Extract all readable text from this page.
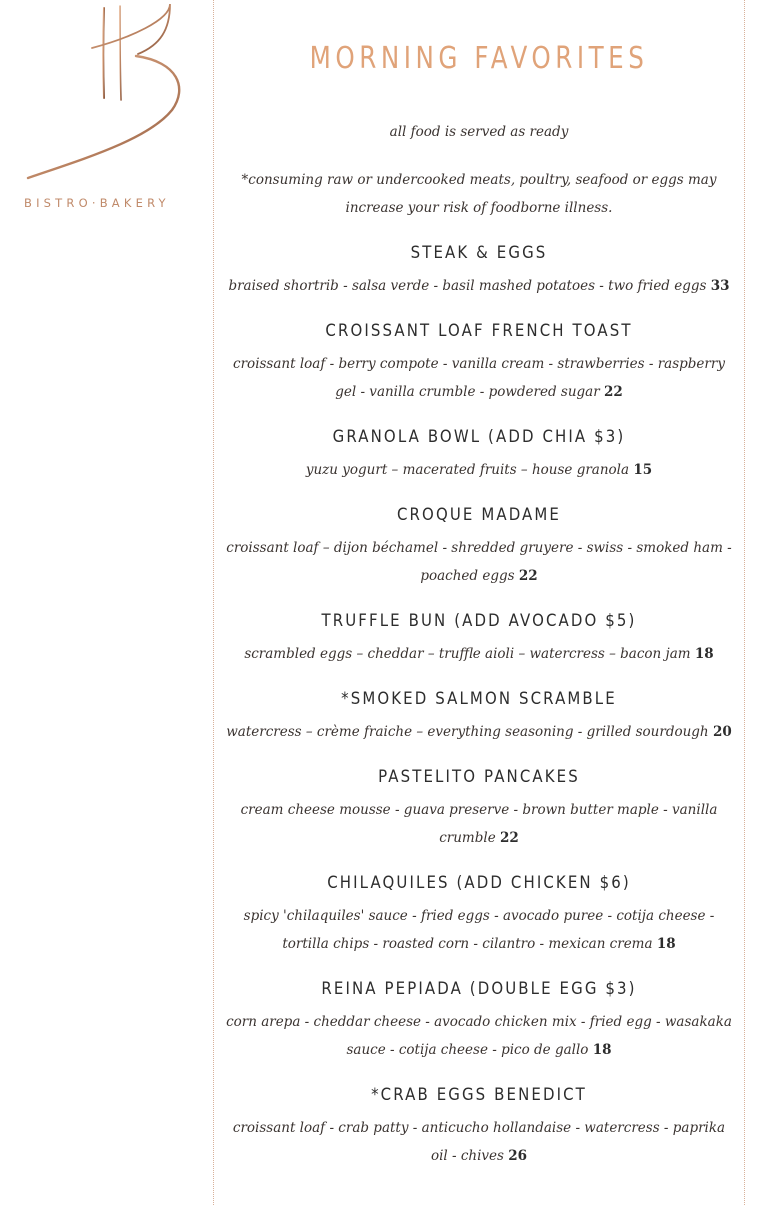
BISTRO·BAKERY
MORNING FAVORITES
all food is served as ready
*consuming raw or undercooked meats, poultry, seafood or eggs may increase your risk of foodborne illness.
STEAK & EGGS
braised shortrib - salsa verde - basil mashed potatoes - two fried eggs 33
CROISSANT LOAF FRENCH TOAST
croissant loaf - berry compote - vanilla cream - strawberries - raspberry gel - vanilla crumble - powdered sugar 22
GRANOLA BOWL (ADD CHIA $3)
yuzu yogurt – macerated fruits – house granola 15
CROQUE MADAME
croissant loaf – dijon béchamel - shredded gruyere - swiss - smoked ham - poached eggs 22
TRUFFLE BUN (ADD AVOCADO $5)
scrambled eggs – cheddar – truffle aioli – watercress – bacon jam 18
*SMOKED SALMON SCRAMBLE
watercress – crème fraiche – everything seasoning - grilled sourdough 20
PASTELITO PANCAKES
cream cheese mousse - guava preserve - brown butter maple - vanilla crumble 22
CHILAQUILES (ADD CHICKEN $6)
spicy 'chilaquiles' sauce - fried eggs - avocado puree - cotija cheese - tortilla chips - roasted corn - cilantro - mexican crema 18
REINA PEPIADA (DOUBLE EGG $3)
corn arepa - cheddar cheese - avocado chicken mix - fried egg - wasakaka sauce - cotija cheese - pico de gallo 18
*CRAB EGGS BENEDICT
croissant loaf - crab patty - anticucho hollandaise - watercress - paprika oil - chives 26
